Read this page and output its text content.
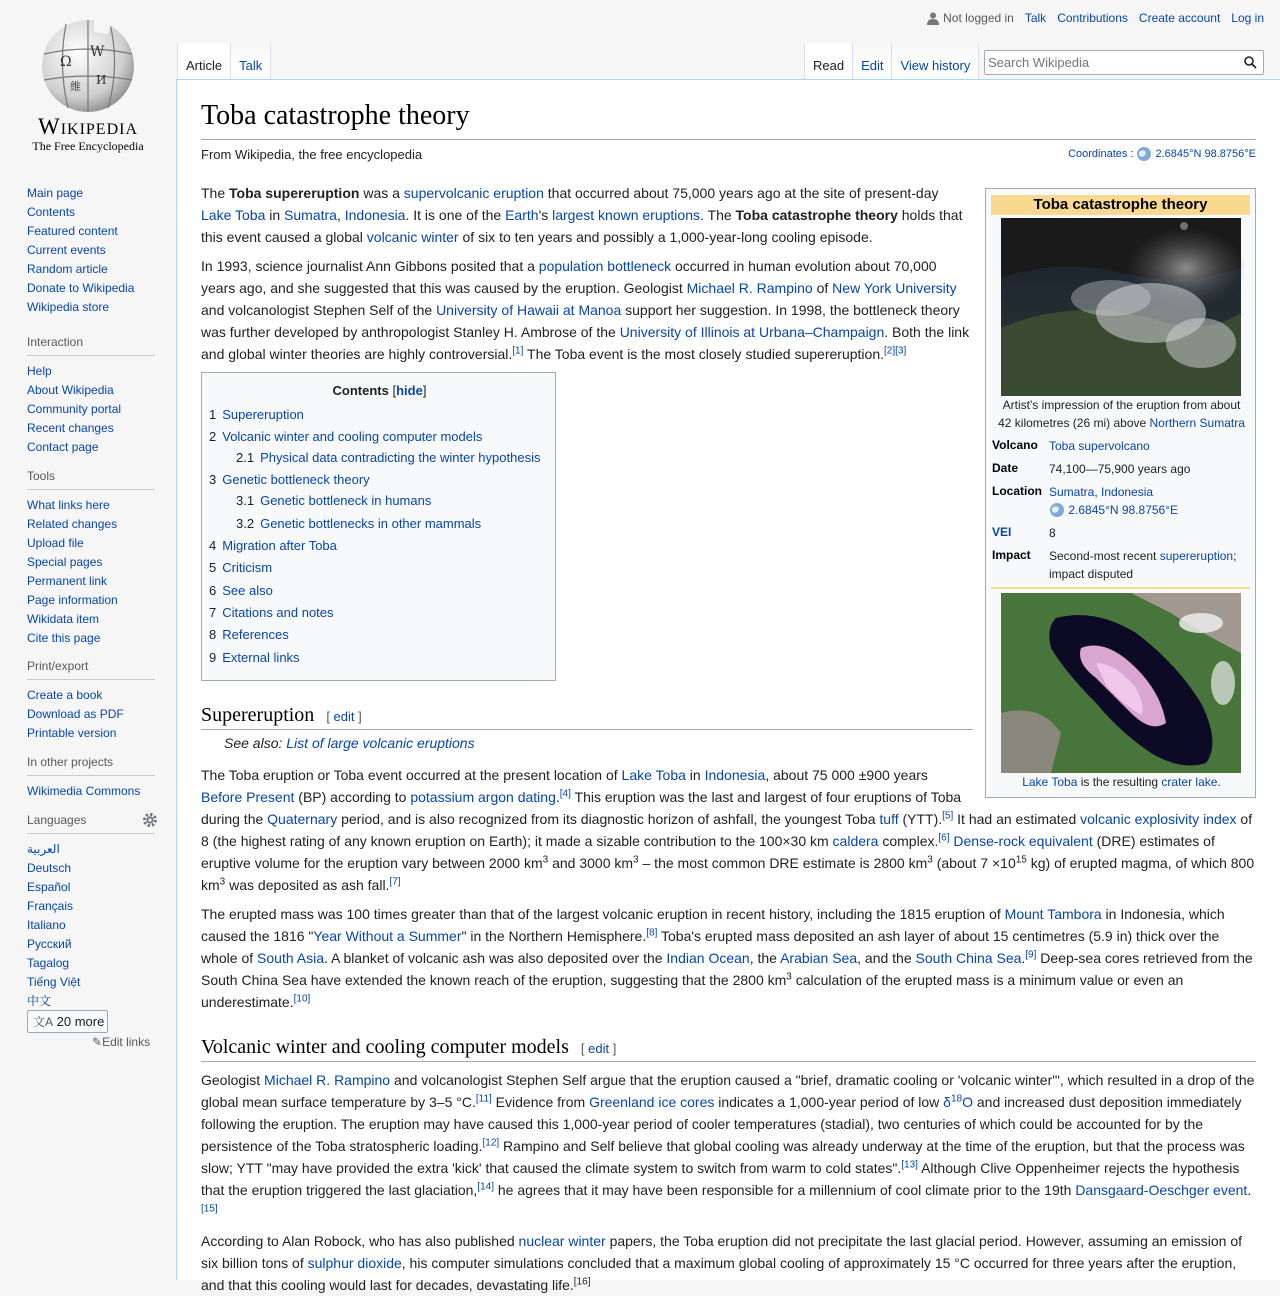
Ω
W
И
維
Wikipedia
The Free Encyclopedia
Main page
Contents
Featured content
Current events
Random article
Donate to Wikipedia
Wikipedia store
Interaction
Help
About Wikipedia
Community portal
Recent changes
Contact page
Tools
What links here
Related changes
Upload file
Special pages
Permanent link
Page information
Wikidata item
Cite this page
Print/export
Create a book
Download as PDF
Printable version
In other projects
Wikimedia Commons
Languages
العربية
Deutsch
Español
Français
Italiano
Русский
Tagalog
Tiếng Việt
中文
文A 20 more
✎Edit links
Not logged in Talk Contributions Create account Log in
Article	Talk	Read	Edit	View history
Search Wikipedia
Toba catastrophe theory
From Wikipedia, the free encyclopedia	Coordinates : 2.6845°N 98.8756°E
The Toba supereruption was a supervolcanic eruption that occurred about 75,000 years ago at the site of present-day Lake Toba in Sumatra, Indonesia. It is one of the Earth's largest known eruptions. The Toba catastrophe theory holds that this event caused a global volcanic winter of six to ten years and possibly a 1,000-year-long cooling episode.
In 1993, science journalist Ann Gibbons posited that a population bottleneck occurred in human evolution about 70,000 years ago, and she suggested that this was caused by the eruption. Geologist Michael R. Rampino of New York University and volcanologist Stephen Self of the University of Hawaii at Manoa support her suggestion. In 1998, the bottleneck theory was further developed by anthropologist Stanley H. Ambrose of the University of Illinois at Urbana–Champaign. Both the link and global winter theories are highly controversial.[1] The Toba event is the most closely studied supereruption.[2][3]
Contents [hide]
1 Supereruption
2 Volcanic winter and cooling computer models
2.1 Physical data contradicting the winter hypothesis
3 Genetic bottleneck theory
3.1 Genetic bottleneck in humans
3.2 Genetic bottlenecks in other mammals
4 Migration after Toba
5 Criticism
6 See also
7 Citations and notes
8 References
9 External links
Toba catastrophe theory
Artist's impression of the eruption from about
42 kilometres (26 mi) above Northern Sumatra
Volcano Toba supervolcano
Date	74,100—75,900 years ago
Location Sumatra, Indonesia
2.6845°N 98.8756°E
VEI	8
Impact Second-most recent supereruption;
impact disputed
Lake Toba is the resulting crater lake.
Supereruption [ edit ]
See also: List of large volcanic eruptions
The Toba eruption or Toba event occurred at the present location of Lake Toba in Indonesia, about 75 000 ±900 years Before Present (BP) according to potassium argon dating.[4] This eruption was the last and largest of four eruptions of Toba
during the Quaternary period, and is also recognized from its diagnostic horizon of ashfall, the youngest Toba tuff (YTT).[5] It had an estimated volcanic explosivity index of 8 (the highest rating of any known eruption on Earth); it made a sizable contribution to the 100×30 km caldera complex.[6] Dense-rock equivalent (DRE) estimates of eruptive volume for the eruption vary between 2000 $km^3$ and 3000 $km^3$ – the most common DRE estimate is 2800 $km^3$ (about $7 \times 10^{15}$ kg) of erupted magma, of which 800 $km^3$ was deposited as ash fall.[7]
The erupted mass was 100 times greater than that of the largest volcanic eruption in recent history, including the 1815 eruption of Mount Tambora in Indonesia, which caused the 1816 "Year Without a Summer" in the Northern Hemisphere.[8] Toba's erupted mass deposited an ash layer of about 15 centimetres (5.9 in) thick over the whole of South Asia. A blanket of volcanic ash was also deposited over the Indian Ocean, the Arabian Sea, and the South China Sea.[9] Deep-sea cores retrieved from the South China Sea have extended the known reach of the eruption, suggesting that the 2800 $km^3$ calculation of the erupted mass is a minimum value or even an underestimate.[10]
Volcanic winter and cooling computer models [ edit ]
Geologist Michael R. Rampino and volcanologist Stephen Self argue that the eruption caused a "brief, dramatic cooling or 'volcanic winter'", which resulted in a drop of the global mean surface temperature by 3–5 °C.[11] Evidence from Greenland ice cores indicates a 1,000-year period of low $\delta^{18}O$ and increased dust deposition immediately following the eruption. The eruption may have caused this 1,000-year period of cooler temperatures (stadial), two centuries of which could be accounted for by the persistence of the Toba stratospheric loading.[12] Rampino and Self believe that global cooling was already underway at the time of the eruption, but that the process was slow; YTT "may have provided the extra 'kick' that caused the climate system to switch from warm to cold states".[13] Although Clive Oppenheimer rejects the hypothesis that the eruption triggered the last glaciation,[14] he agrees that it may have been responsible for a millennium of cool climate prior to the 19th Dansgaard-Oeschger event.[15]
According to Alan Robock, who has also published nuclear winter papers, the Toba eruption did not precipitate the last glacial period. However, assuming an emission of six billion tons of sulphur dioxide, his computer simulations concluded that a maximum global cooling of approximately 15 °C occurred for three years after the eruption, and that this cooling would last for decades, devastating life.[16]
